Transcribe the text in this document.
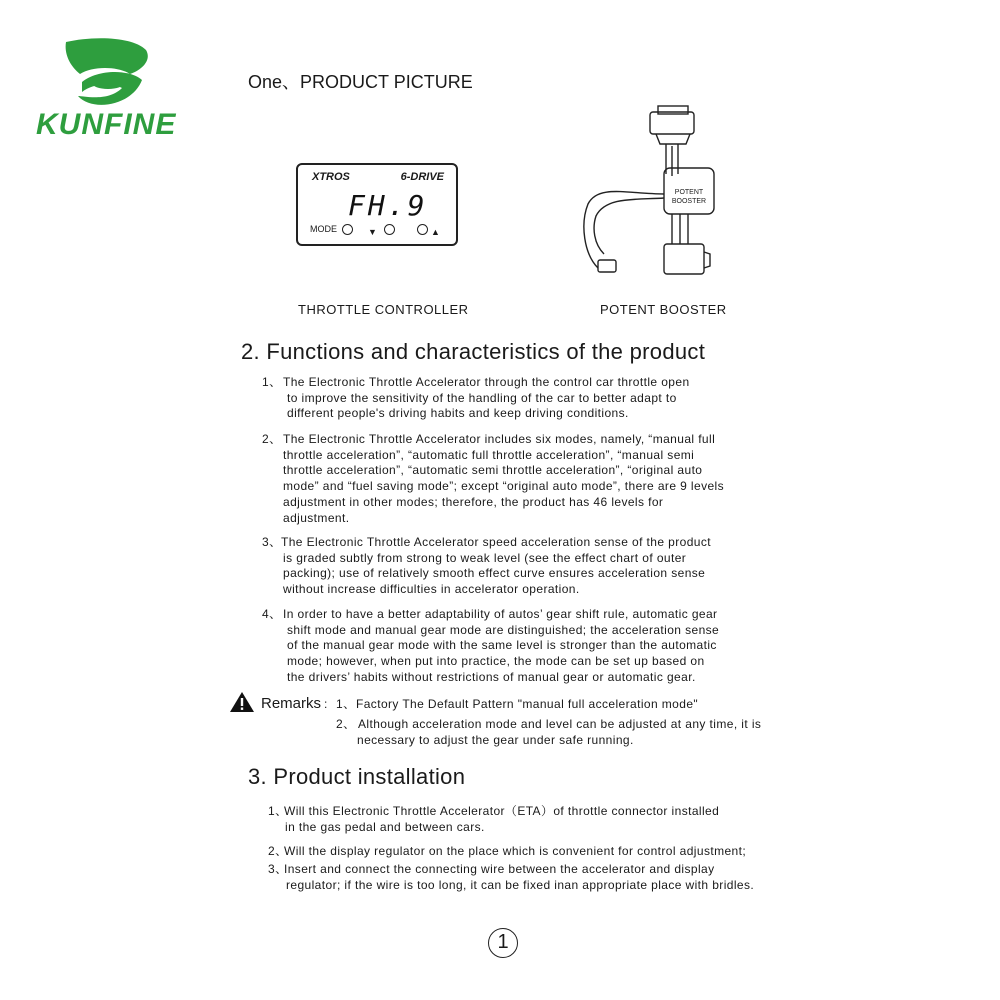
KUNFINE
One、PRODUCT PICTURE
XTROS	6-DRIVE
FH.9
MODE	▼	▲
POTENT
BOOSTER
THROTTLE CONTROLLER	POTENT BOOSTER
2. Functions and characteristics of the product
1、 The Electronic Throttle Accelerator through the control car throttle open
to improve the sensitivity of the handling of the car to better adapt to
different people's driving habits and keep driving conditions.
2、 The Electronic Throttle Accelerator includes six modes, namely, “manual full
throttle acceleration”, “automatic full throttle acceleration”, “manual semi
throttle acceleration”, “automatic semi throttle acceleration”, “original auto
mode” and “fuel saving mode”; except “original auto mode”, there are 9 levels
adjustment in other modes; therefore, the product has 46 levels for
adjustment.
3、 The Electronic Throttle Accelerator speed acceleration sense of the product
is graded subtly from strong to weak level (see the effect chart of outer
packing); use of relatively smooth effect curve ensures acceleration sense
without increase difficulties in accelerator operation.
4、 In order to have a better adaptability of autos’ gear shift rule, automatic gear
shift mode and manual gear mode are distinguished; the acceleration sense
of the manual gear mode with the same level is stronger than the automatic
mode; however, when put into practice, the mode can be set up based on
the drivers’ habits without restrictions of manual gear or automatic gear.
Remarks : 1、 Factory The Default Pattern "manual full acceleration mode"
2、 Although acceleration mode and level can be adjusted at any time, it is
necessary to adjust the gear under safe running.
3. Product installation
1、
Will this Electronic Throttle Accelerator（ETA）of throttle connector installed
in the gas pedal and between cars.
2、
Will the display regulator on the place which is convenient for control adjustment;
3、
Insert and connect the connecting wire between the accelerator and display
regulator; if the wire is too long, it can be fixed inan appropriate place with bridles.
1
